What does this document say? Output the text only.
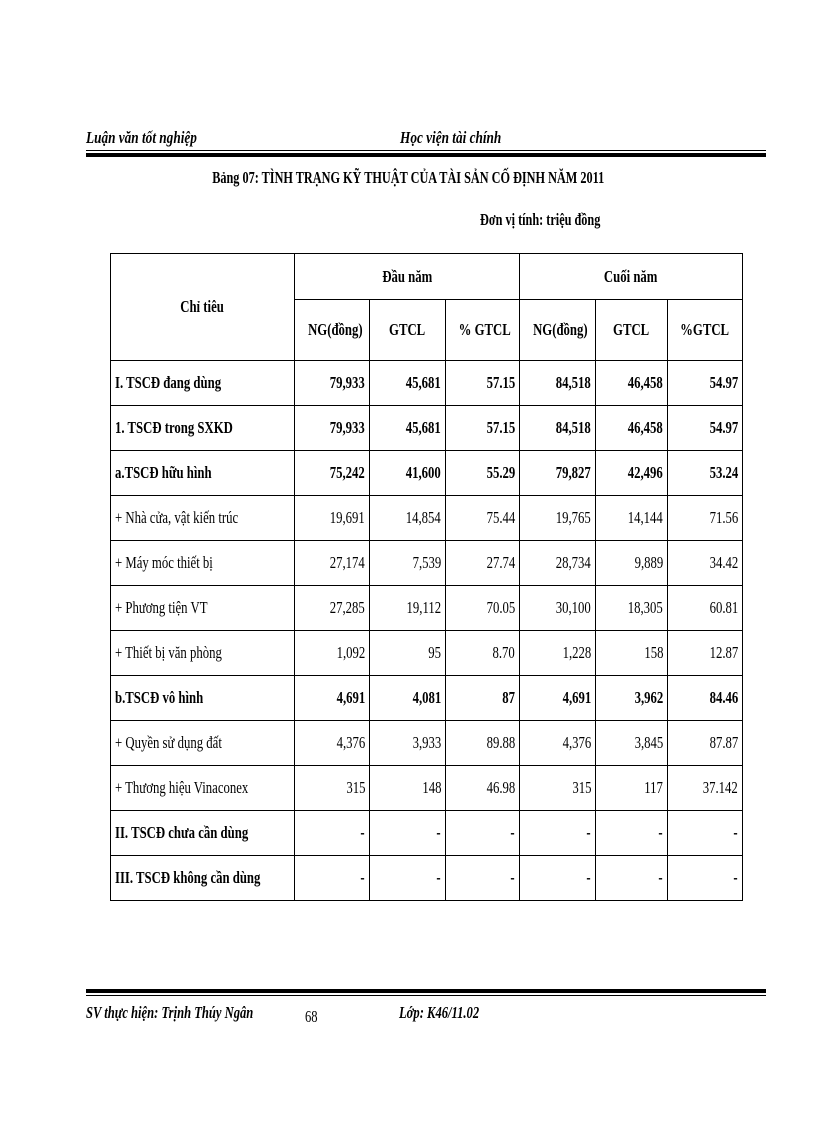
Luận văn tốt nghiệp	Học viện tài chính
Bảng 07: TÌNH TRẠNG KỸ THUẬT CỦA TÀI SẢN CỐ ĐỊNH NĂM 2011
Đơn vị tính: triệu đồng
Chỉ tiêu	Đầu năm			Cuối năm		
	NG(đồng)	GTCL	% GTCL	NG(đồng)	GTCL	%GTCL
I. TSCĐ đang dùng	79,933	45,681	57.15	84,518	46,458	54.97
1. TSCĐ trong SXKD	79,933	45,681	57.15	84,518	46,458	54.97
a.TSCĐ hữu hình	75,242	41,600	55.29	79,827	42,496	53.24
+ Nhà cửa, vật kiến trúc	19,691	14,854	75.44	19,765	14,144	71.56
+ Máy móc thiết bị	27,174	7,539	27.74	28,734	9,889	34.42
+ Phương tiện VT	27,285	19,112	70.05	30,100	18,305	60.81
+ Thiết bị văn phòng	1,092	95	8.70	1,228	158	12.87
b.TSCĐ vô hình	4,691	4,081	87	4,691	3,962	84.46
+ Quyền sử dụng đất	4,376	3,933	89.88	4,376	3,845	87.87
+ Thương hiệu Vinaconex	315	148	46.98	315	117	37.142
II. TSCĐ chưa cần dùng	-	-	-	-	-	-
III. TSCĐ không cần dùng	-	-	-	-	-	-
SV thực hiện: Trịnh Thúy Ngân	68	Lớp: K46/11.02
